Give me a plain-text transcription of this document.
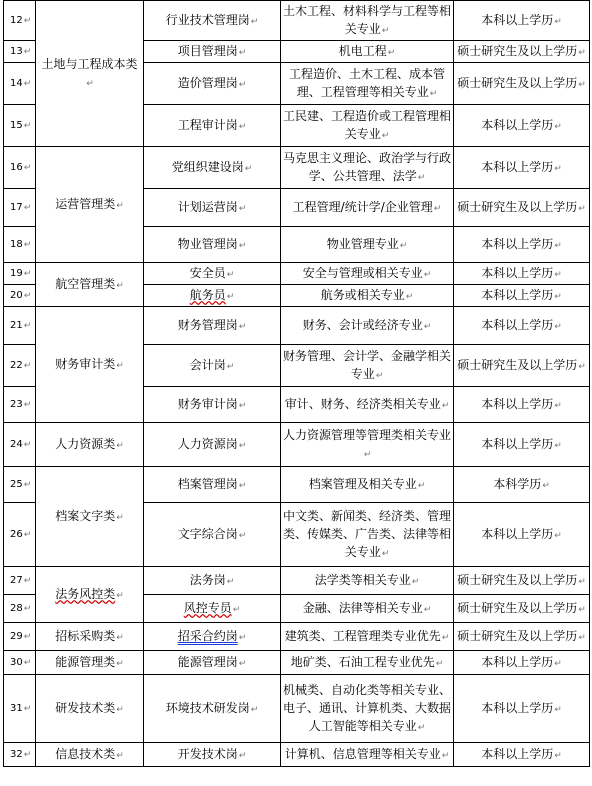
12↵	土地与工程成本类↵	行业技术管理岗↵	土木工程、材料科学与工程等相关专业↵	本科以上学历↵
13↵		项目管理岗↵	机电工程↵	硕士研究生及以上学历↵
14↵		造价管理岗↵	工程造价、土木工程、成本管理、工程管理等相关专业↵	硕士研究生及以上学历↵
15↵		工程审计岗↵	工民建、工程造价或工程管理相关专业↵	本科以上学历↵
16↵	运营管理类↵	党组织建设岗↵	马克思主义理论、政治学与行政学、公共管理、法学↵	本科以上学历↵
17↵		计划运营岗↵	工程管理/统计学/企业管理↵	硕士研究生及以上学历↵
18↵		物业管理岗↵	物业管理专业↵	本科以上学历↵
19↵	航空管理类↵	安全员↵	安全与管理或相关专业↵	本科以上学历↵
20↵		航务员↵	航务或相关专业↵	本科以上学历↵
21↵	财务审计类↵	财务管理岗↵	财务、会计或经济专业↵	本科以上学历↵
22↵		会计岗↵	财务管理、会计学、金融学相关专业↵	硕士研究生及以上学历↵
23↵		财务审计岗↵	审计、财务、经济类相关专业↵	本科以上学历↵
24↵	人力资源类↵	人力资源岗↵	人力资源管理等管理类相关专业↵	本科以上学历↵
25↵	档案文字类↵	档案管理岗↵	档案管理及相关专业↵	本科学历↵
26↵		文字综合岗↵	中文类、新闻类、经济类、管理类、传媒类、广告类、法律等相关专业↵	本科以上学历↵
27↵	法务风控类↵	法务岗↵	法学类等相关专业↵	硕士研究生及以上学历↵
28↵		风控专员↵	金融、法律等相关专业↵	硕士研究生及以上学历↵
29↵	招标采购类↵	招采合约岗↵	建筑类、工程管理类专业优先↵	硕士研究生及以上学历↵
30↵	能源管理类↵	能源管理岗↵	地矿类、石油工程专业优先↵	本科以上学历↵
31↵	研发技术类↵	环境技术研发岗↵	机械类、自动化类等相关专业、电子、通讯、计算机类、大数据人工智能等相关专业↵	本科以上学历↵
32↵	信息技术类↵	开发技术岗↵	计算机、信息管理等相关专业↵	本科以上学历↵
